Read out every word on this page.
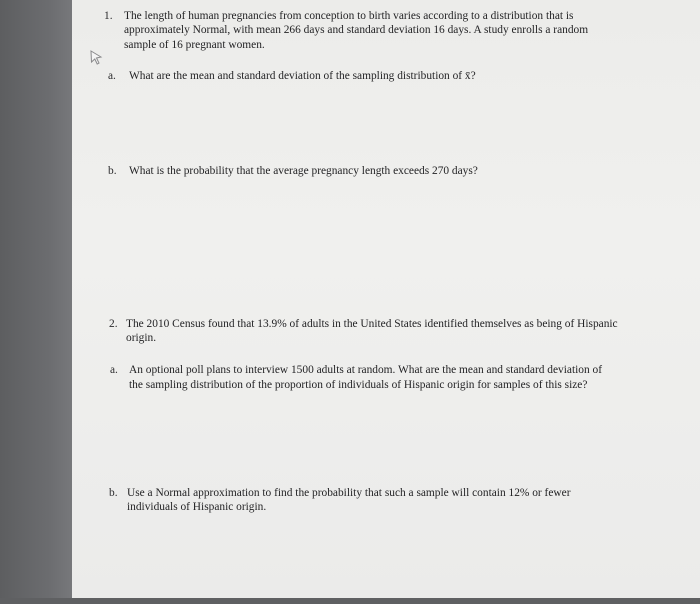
1. The length of human pregnancies from conception to birth varies according to a distribution that is
approximately Normal, with mean 266 days and standard deviation 16 days. A study enrolls a random
sample of 16 pregnant women.
a. What are the mean and standard deviation of the sampling distribution of x̄?
b. What is the probability that the average pregnancy length exceeds 270 days?
2. The 2010 Census found that 13.9% of adults in the United States identified themselves as being of Hispanic
origin.
a. An optional poll plans to interview 1500 adults at random. What are the mean and standard deviation of
the sampling distribution of the proportion of individuals of Hispanic origin for samples of this size?
b. Use a Normal approximation to find the probability that such a sample will contain 12% or fewer
individuals of Hispanic origin.
